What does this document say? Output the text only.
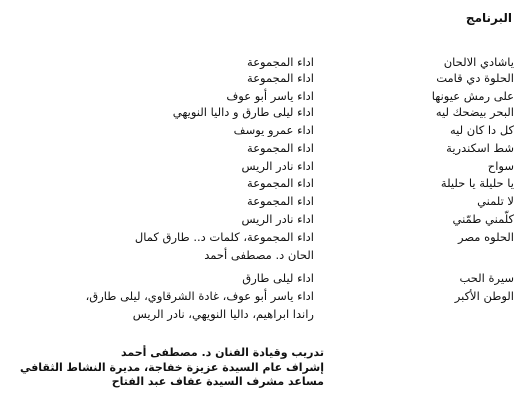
البرنامج
ياشادي الالحان
اداء المجموعة
الحلوة دي قامت
اداء المجموعة
على رمش عيونها
اداء ياسر أبو عوف
البحر بيضحك ليه
اداء ليلى طارق و داليا النويهي
كل دا كان ليه
اداء عمرو يوسف
شط اسكندرية
اداء المجموعة
سواح
اداء نادر الريس
يا حليلة يا حليلة
اداء المجموعة
لا تلمني
اداء المجموعة
كلّمني طمّني
اداء نادر الريس
الحلوه مصر
اداء المجموعة، كلمات د.. طارق كمال
الحان د. مصطفى أحمد
سيرة الحب
اداء ليلى طارق
الوطن الأكبر
اداء ياسر أبو عوف، غادة الشرقاوي، ليلى طارق،
راندا ابراهيم، داليا النويهي، نادر الريس
تدريب وقيادة الفنان د. مصطفى أحمد
إشراف عام السيدة عزيزة خفاجة، مديرة النشاط الثقافي
مساعد مشرف السيدة عفاف عبد الفتاح
